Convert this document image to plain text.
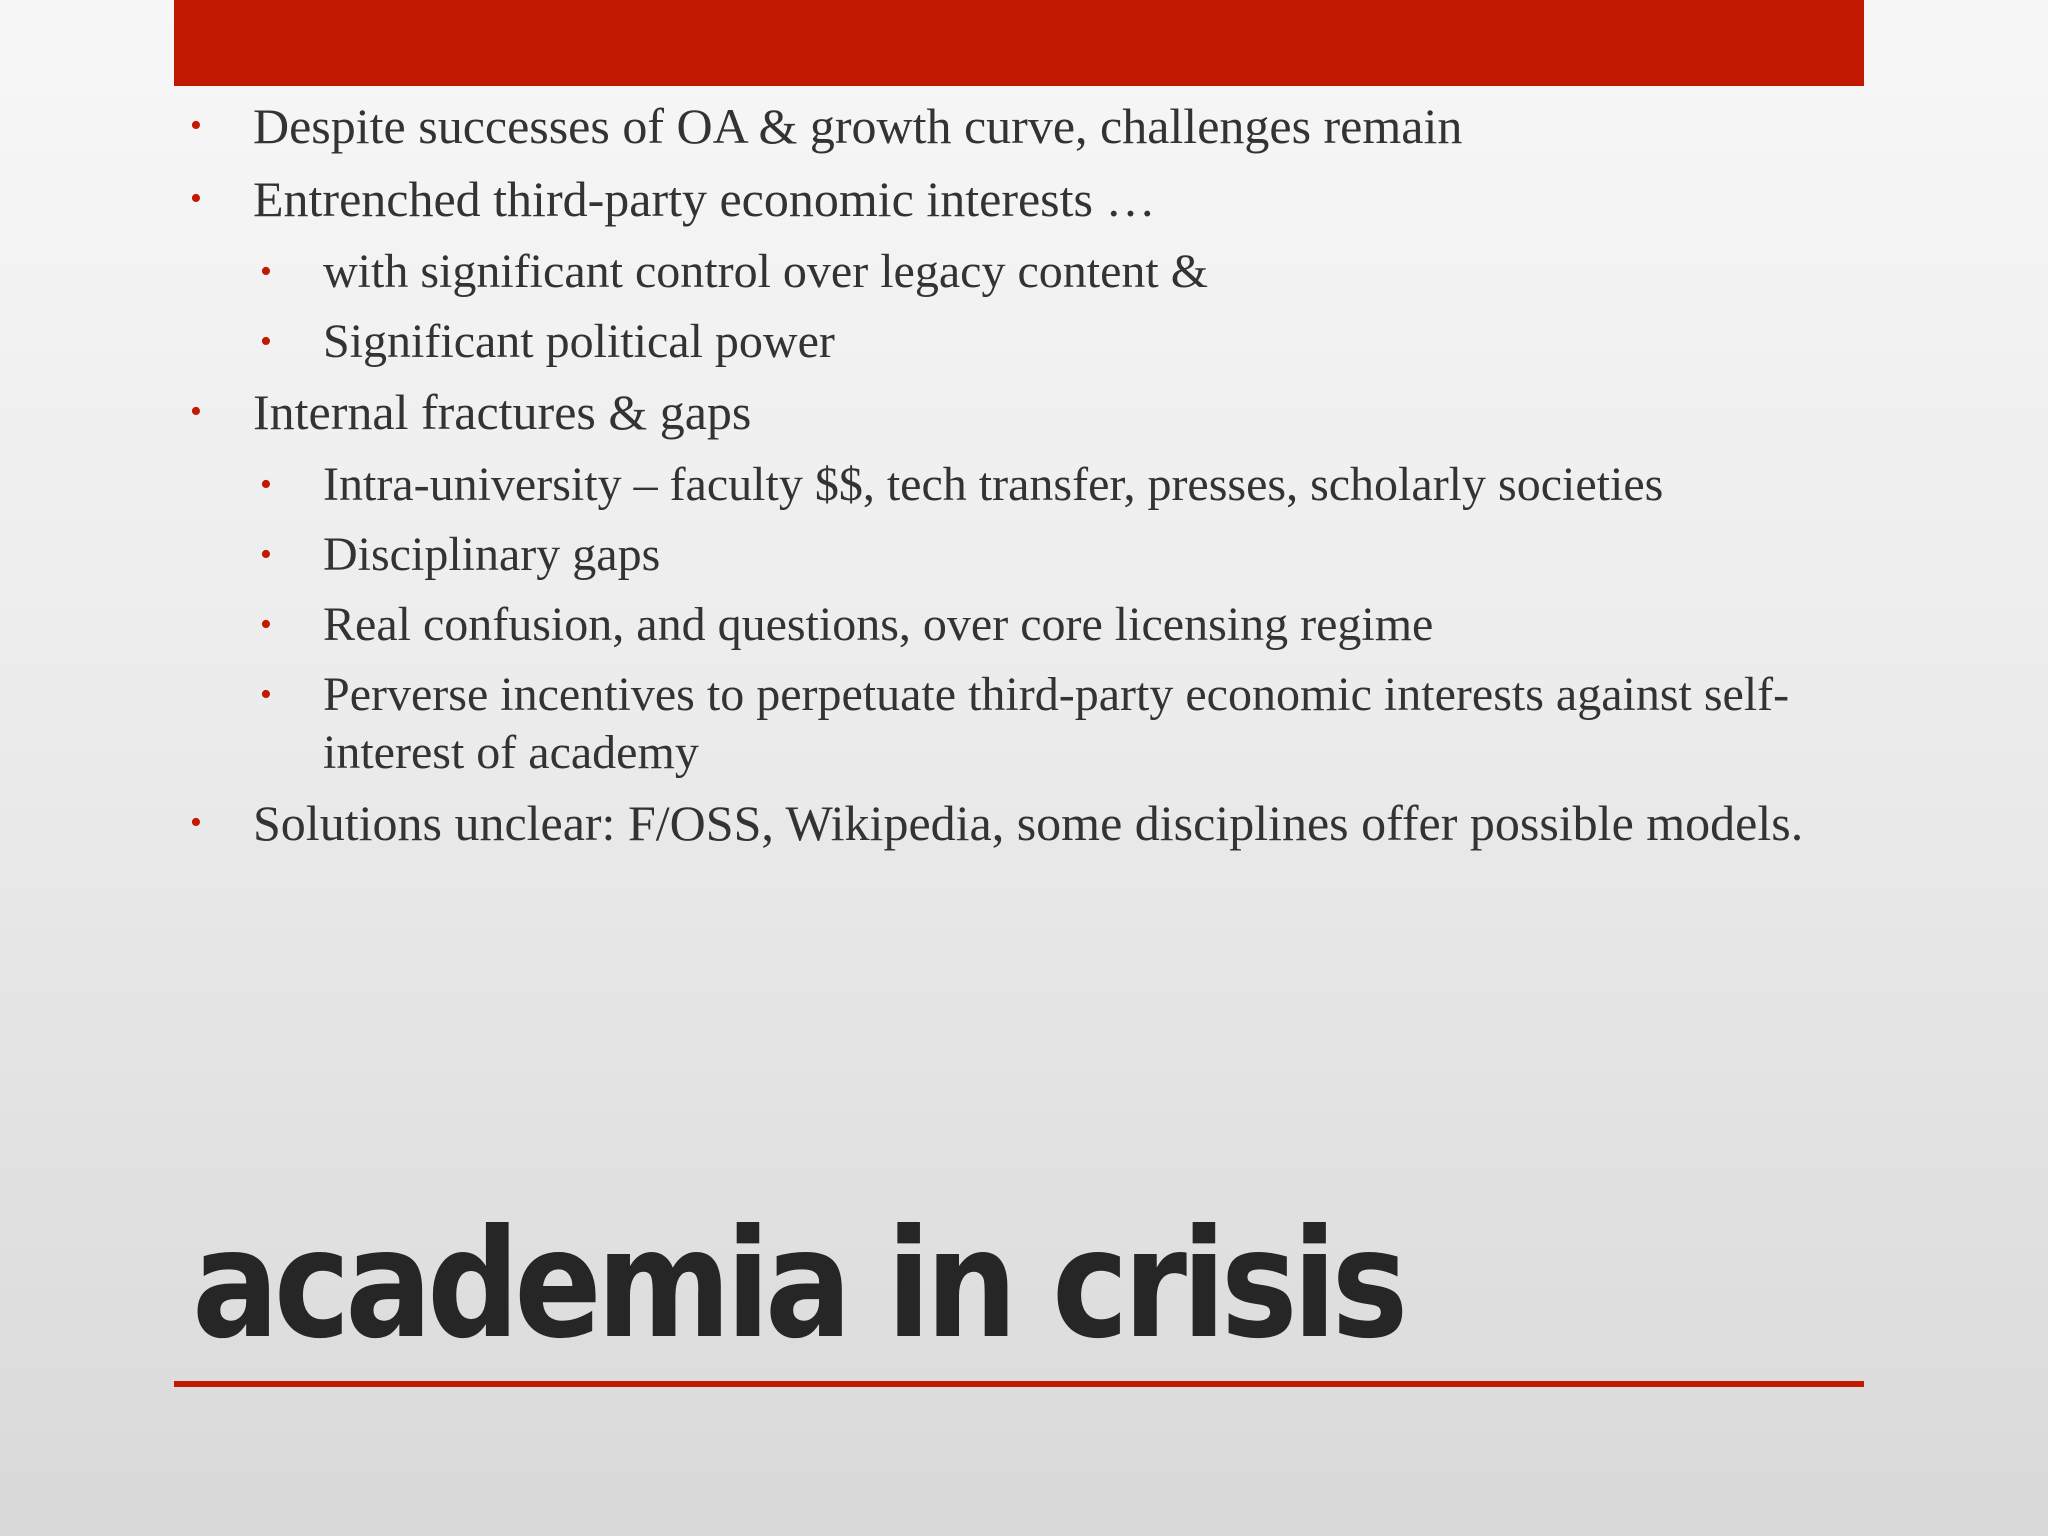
• Despite successes of OA & growth curve, challenges remain
• Entrenched third-party economic interests …
• with significant control over legacy content &
• Significant political power
• Internal fractures & gaps
• Intra-university – faculty $$, tech transfer, presses, scholarly societies
• Disciplinary gaps
• Real confusion, and questions, over core licensing regime
• Perverse incentives to perpetuate third-party economic interests against self-interest of academy
• Solutions unclear: F/OSS, Wikipedia, some disciplines offer possible models.
academia in crisis
